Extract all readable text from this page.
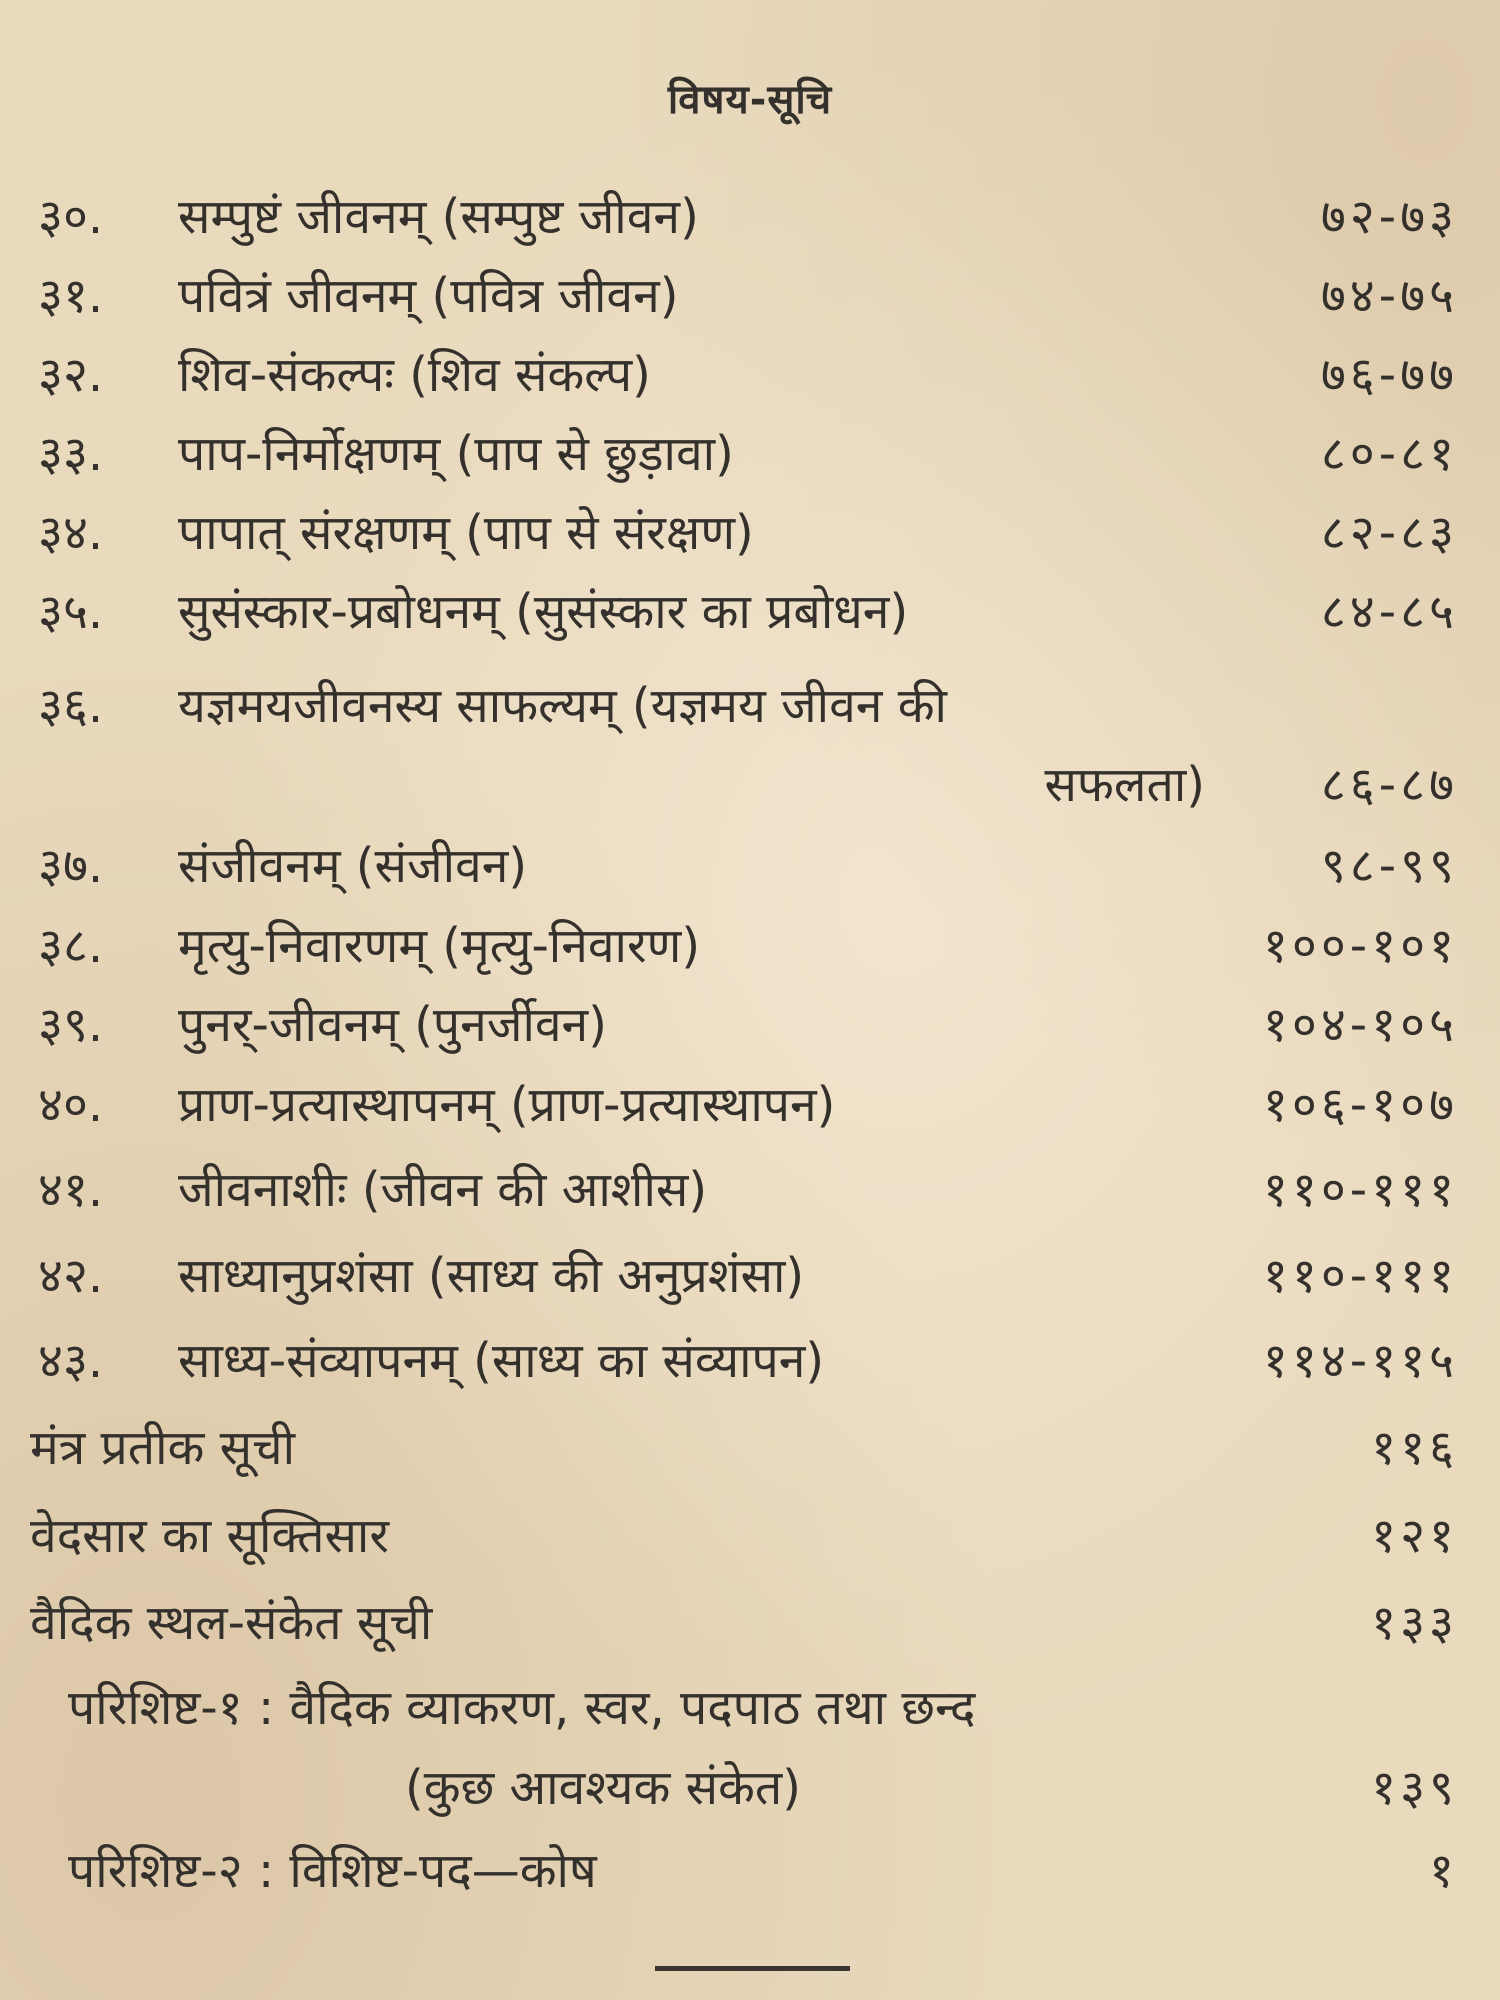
विषय-सूचि
३०.	सम्पुष्टं जीवनम् (सम्पुष्ट जीवन)	७२-७३
३१.	पवित्रं जीवनम् (पवित्र जीवन)	७४-७५
३२.	शिव-संकल्पः (शिव संकल्प)	७६-७७
३३.	पाप-निर्मोक्षणम् (पाप से छुड़ावा)	८०-८१
३४.	पापात् संरक्षणम् (पाप से संरक्षण)	८२-८३
३५.	सुसंस्कार-प्रबोधनम् (सुसंस्कार का प्रबोधन)	८४-८५
३६.	यज्ञमयजीवनस्य साफल्यम् (यज्ञमय जीवन की
सफलता) ८६-८७
३७.	संजीवनम् (संजीवन)	९८-९९
३८.	मृत्यु-निवारणम् (मृत्यु-निवारण)	१००-१०१
३९.	पुनर्-जीवनम् (पुनर्जीवन)	१०४-१०५
४०.	प्राण-प्रत्यास्थापनम् (प्राण-प्रत्यास्थापन)	१०६-१०७
४१.	जीवनाशीः (जीवन की आशीस)	११०-१११
४२.	साध्यानुप्रशंसा (साध्य की अनुप्रशंसा)	११०-१११
४३.	साध्य-संव्यापनम् (साध्य का संव्यापन)	११४-११५
मंत्र प्रतीक सूची	११६
वेदसार का सूक्तिसार	१२१
वैदिक स्थल-संकेत सूची	१३३
परिशिष्ट-१ : वैदिक व्याकरण, स्वर, पदपाठ तथा छन्द
(कुछ आवश्यक संकेत)	१३९
परिशिष्ट-२ : विशिष्ट-पद—कोष	१
